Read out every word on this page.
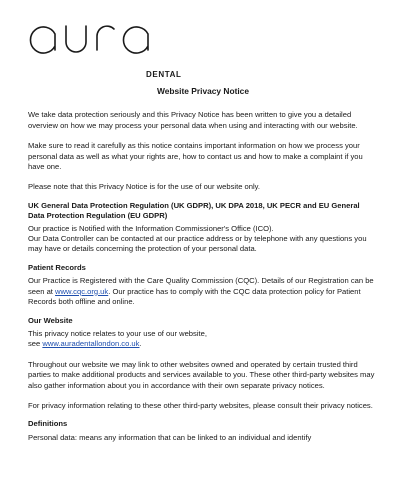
DENTAL
Website Privacy Notice

We take data protection seriously and this Privacy Notice has been written to give you a detailed overview on how we may process your personal data when using and interacting with our website.

Make sure to read it carefully as this notice contains important information on how we process your personal data as well as what your rights are, how to contact us and how to make a complaint if you have one.

Please note that this Privacy Notice is for the use of our website only.

UK General Data Protection Regulation (UK GDPR), UK DPA 2018, UK PECR and EU General Data Protection Regulation (EU GDPR)
Our practice is Notified with the Information Commissioner's Office (ICO).

Our Data Controller can be contacted at our practice address or by telephone with any questions you may have or details concerning the protection of your personal data.

Patient Records

Our Practice is Registered with the Care Quality Commission (CQC). Details of our Registration can be seen at www.cqc.org.uk. Our practice has to comply with the CQC data protection policy for Patient Records both offline and online.

Our Website

This privacy notice relates to your use of our website,
see www.auradentallondon.co.uk.

Throughout our website we may link to other websites owned and operated by certain trusted third parties to make additional products and services available to you. These other third-party websites may also gather information about you in accordance with their own separate privacy notices.

For privacy information relating to these other third-party websites, please consult their privacy notices.

Definitions
Personal data: means any information that can be linked to an individual and identify
